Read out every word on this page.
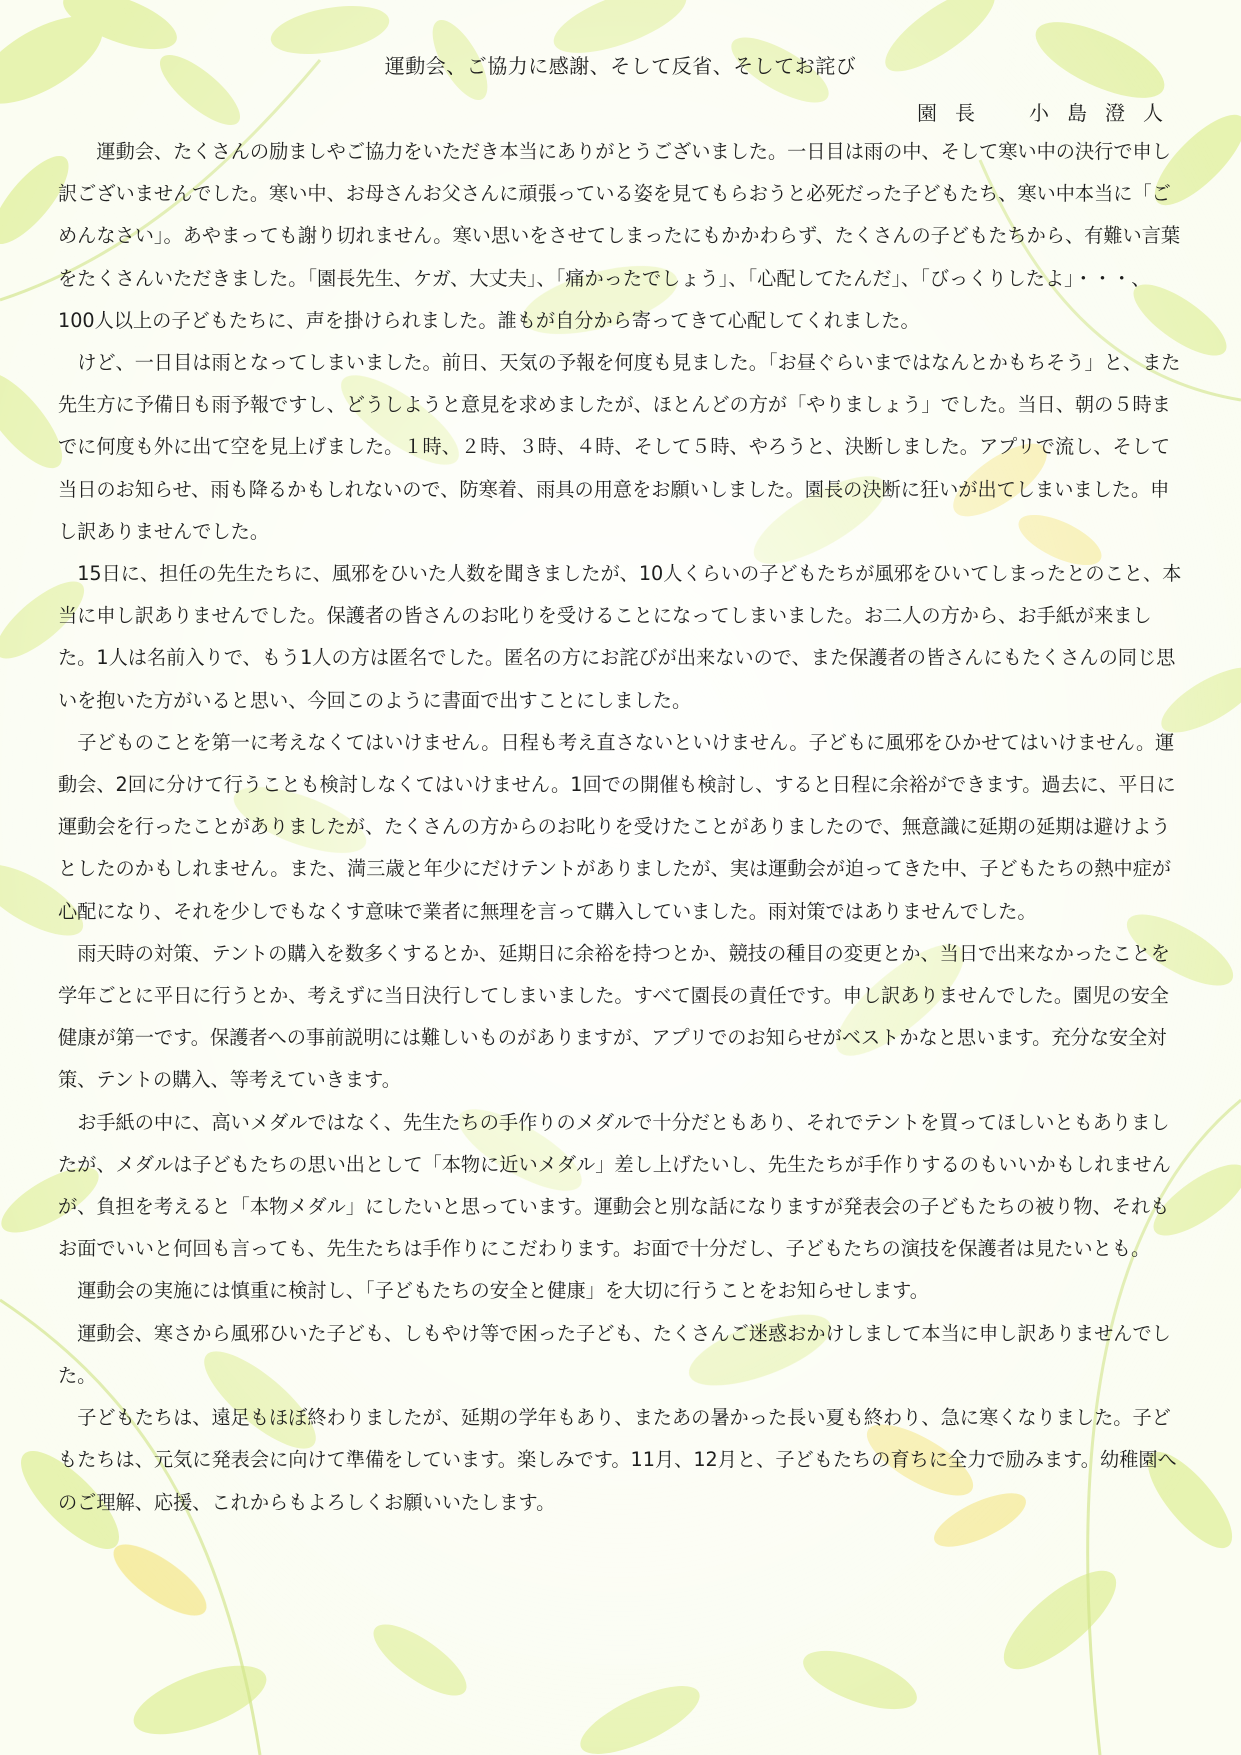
運動会、ご協力に感謝、そして反省、そしてお詫び
園長 小島澄人

運動会、たくさんの励ましやご協力をいただき本当にありがとうございました。一日目は雨の中、そして寒い中の決行で申し訳ございませんでした。寒い中、お母さんお父さんに頑張っている姿を見てもらおうと必死だった子どもたち、寒い中本当に「ごめんなさい」。あやまっても謝り切れません。寒い思いをさせてしまったにもかかわらず、たくさんの子どもたちから、有難い言葉をたくさんいただきました。「園長先生、ケガ、大丈夫」、「痛かったでしょう」、「心配してたんだ」、「びっくりしたよ」・・・、100人以上の子どもたちに、声を掛けられました。誰もが自分から寄ってきて心配してくれました。

けど、一日目は雨となってしまいました。前日、天気の予報を何度も見ました。「お昼ぐらいまではなんとかもちそう」と、また先生方に予備日も雨予報ですし、どうしようと意見を求めましたが、ほとんどの方が「やりましょう」でした。当日、朝の５時までに何度も外に出て空を見上げました。１時、２時、３時、４時、そして５時、やろうと、決断しました。アプリで流し、そして当日のお知らせ、雨も降るかもしれないので、防寒着、雨具の用意をお願いしました。園長の決断に狂いが出てしまいました。申し訳ありませんでした。

15日に、担任の先生たちに、風邪をひいた人数を聞きましたが、10人くらいの子どもたちが風邪をひいてしまったとのこと、本当に申し訳ありませんでした。保護者の皆さんのお叱りを受けることになってしまいました。お二人の方から、お手紙が来ました。1人は名前入りで、もう1人の方は匿名でした。匿名の方にお詫びが出来ないので、また保護者の皆さんにもたくさんの同じ思いを抱いた方がいると思い、今回このように書面で出すことにしました。

子どものことを第一に考えなくてはいけません。日程も考え直さないといけません。子どもに風邪をひかせてはいけません。運動会、2回に分けて行うことも検討しなくてはいけません。1回での開催も検討し、すると日程に余裕ができます。過去に、平日に運動会を行ったことがありましたが、たくさんの方からのお叱りを受けたことがありましたので、無意識に延期の延期は避けようとしたのかもしれません。また、満三歳と年少にだけテントがありましたが、実は運動会が迫ってきた中、子どもたちの熱中症が心配になり、それを少しでもなくす意味で業者に無理を言って購入していました。雨対策ではありませんでした。

雨天時の対策、テントの購入を数多くするとか、延期日に余裕を持つとか、競技の種目の変更とか、当日で出来なかったことを学年ごとに平日に行うとか、考えずに当日決行してしまいました。すべて園長の責任です。申し訳ありませんでした。園児の安全健康が第一です。保護者への事前説明には難しいものがありますが、アプリでのお知らせがベストかなと思います。充分な安全対策、テントの購入、等考えていきます。

お手紙の中に、高いメダルではなく、先生たちの手作りのメダルで十分だともあり、それでテントを買ってほしいともありましたが、メダルは子どもたちの思い出として「本物に近いメダル」差し上げたいし、先生たちが手作りするのもいいかもしれませんが、負担を考えると「本物メダル」にしたいと思っています。運動会と別な話になりますが発表会の子どもたちの被り物、それもお面でいいと何回も言っても、先生たちは手作りにこだわります。お面で十分だし、子どもたちの演技を保護者は見たいとも。

運動会の実施には慎重に検討し、「子どもたちの安全と健康」を大切に行うことをお知らせします。

運動会、寒さから風邪ひいた子ども、しもやけ等で困った子ども、たくさんご迷惑おかけしまして本当に申し訳ありませんでした。

子どもたちは、遠足もほぼ終わりましたが、延期の学年もあり、またあの暑かった長い夏も終わり、急に寒くなりました。子どもたちは、元気に発表会に向けて準備をしています。楽しみです。11月、12月と、子どもたちの育ちに全力で励みます。幼稚園へのご理解、応援、これからもよろしくお願いいたします。
